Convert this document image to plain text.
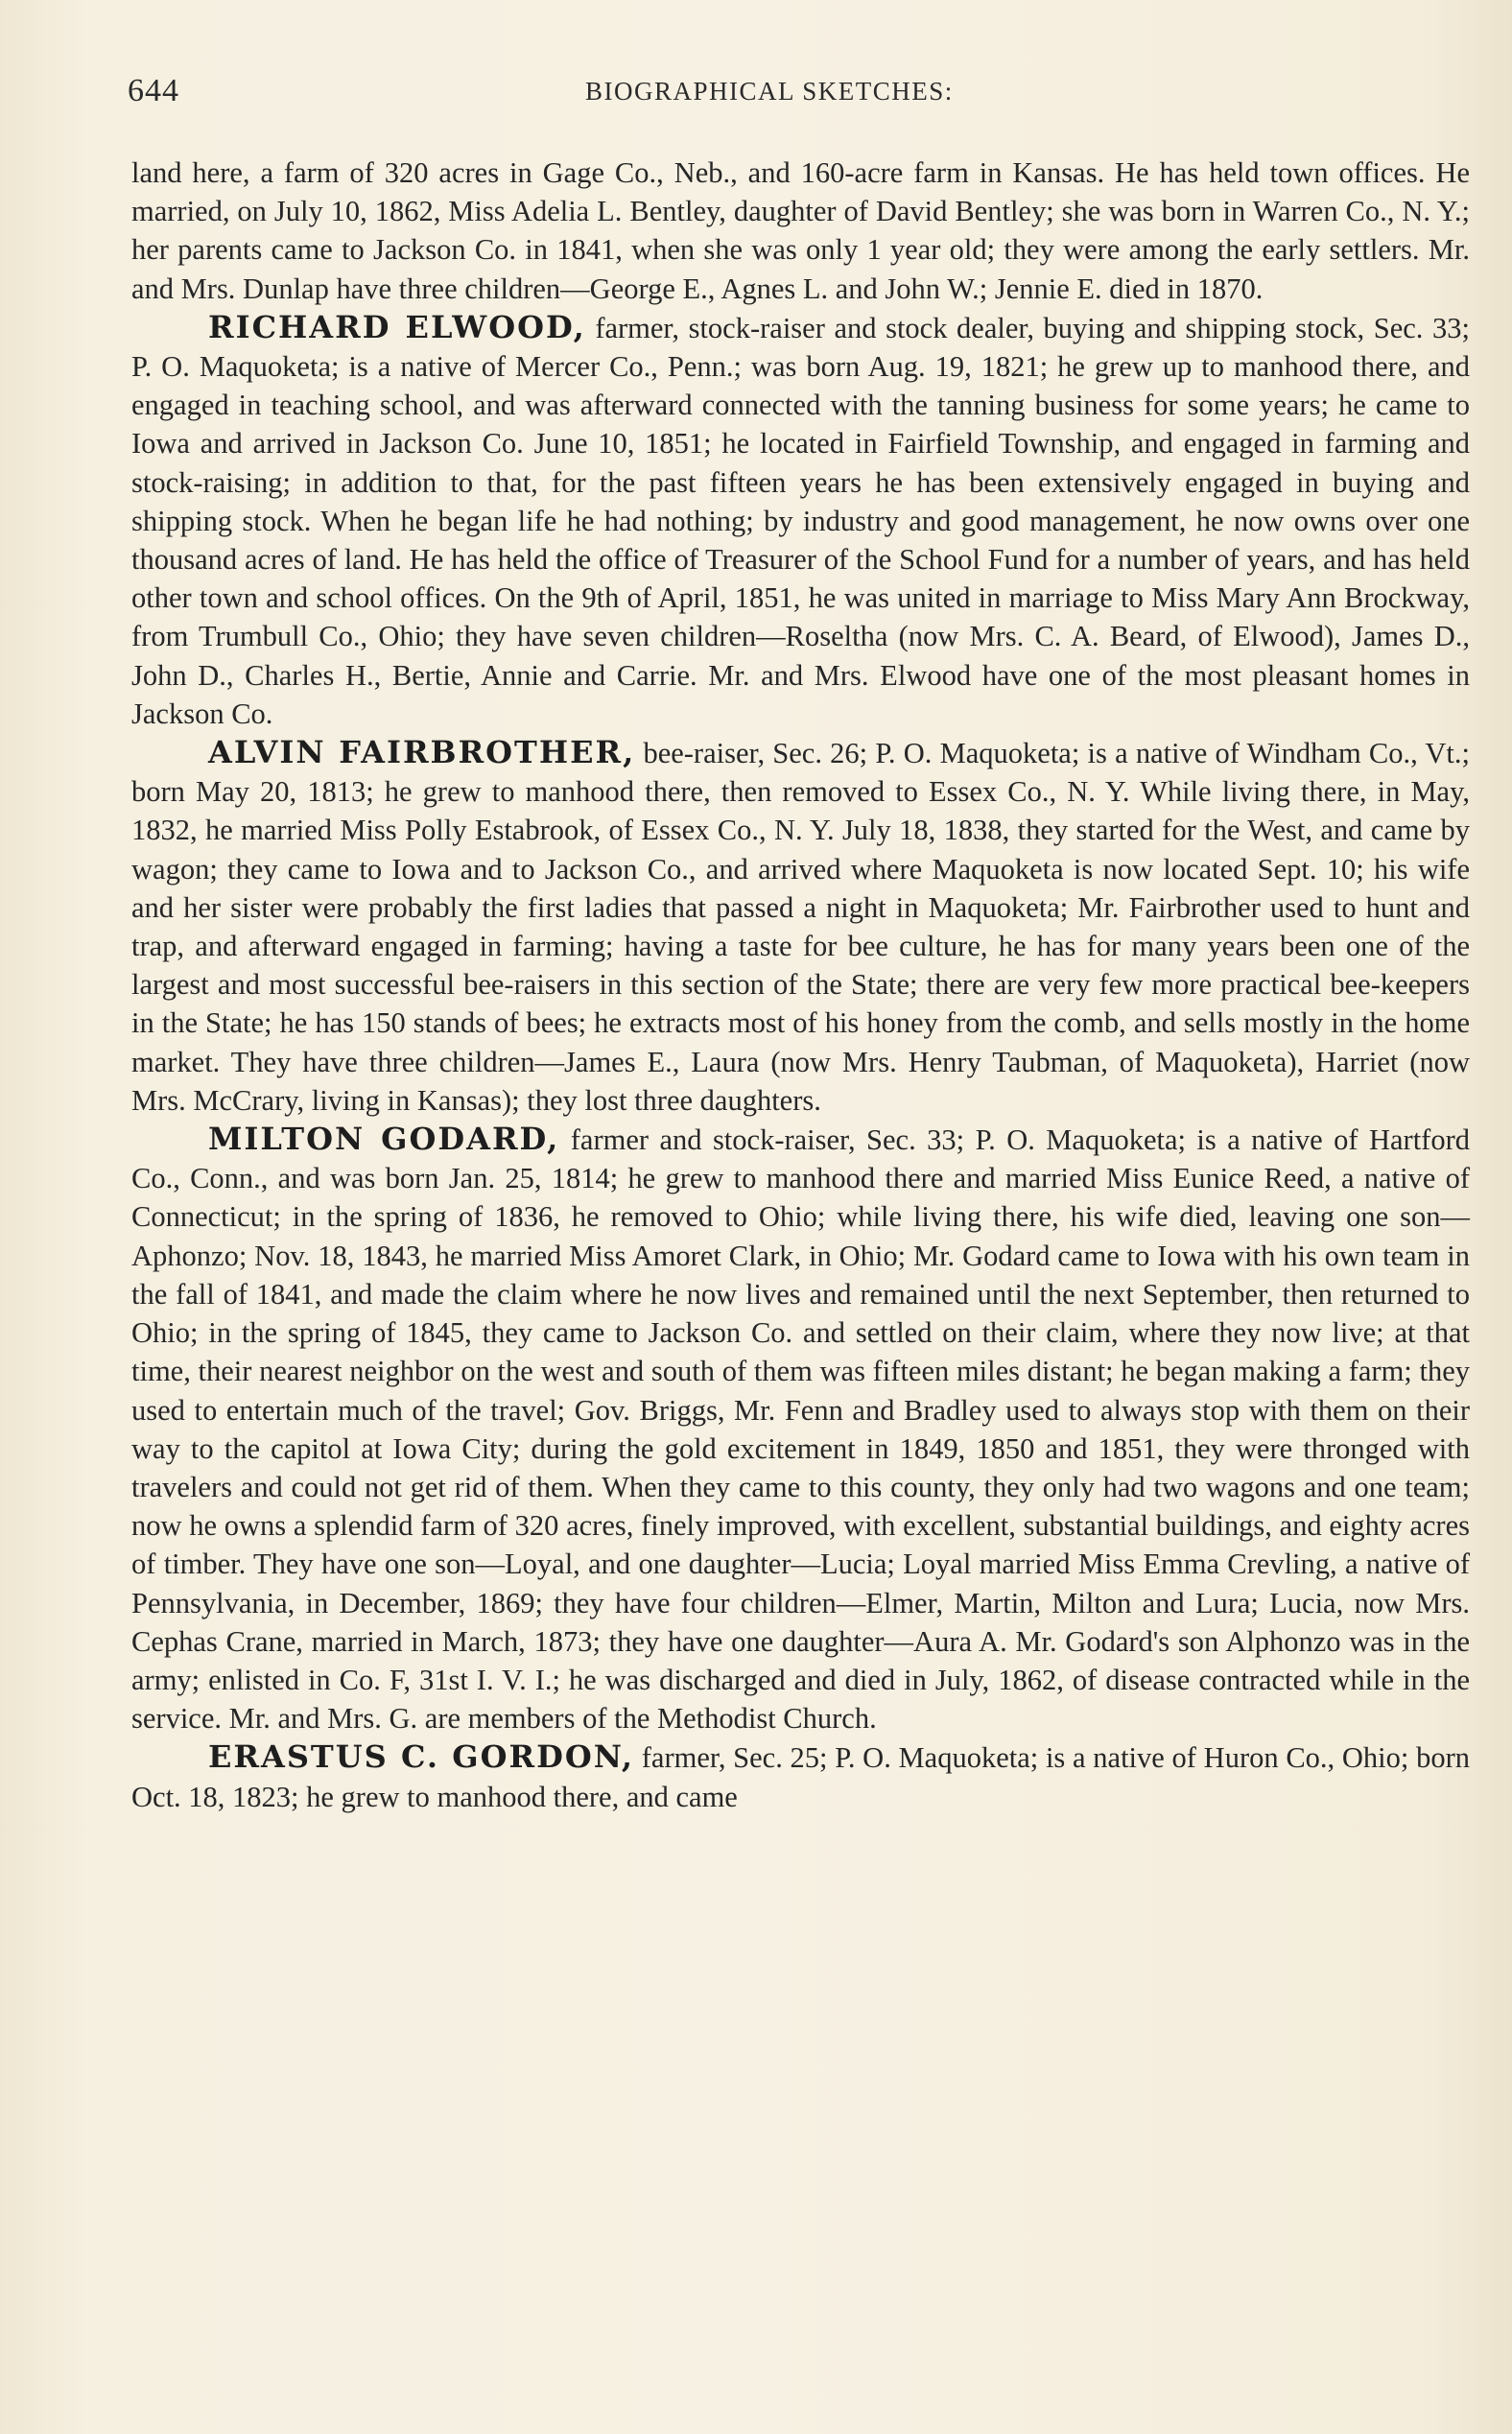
644	BIOGRAPHICAL SKETCHES:

land here, a farm of 320 acres in Gage Co., Neb., and 160-acre farm in Kansas. He has held town offices. He married, on July 10, 1862, Miss Adelia L. Bentley, daughter of David Bentley; she was born in Warren Co., N. Y.; her parents came to Jackson Co. in 1841, when she was only 1 year old; they were among the early settlers. Mr. and Mrs. Dunlap have three children—George E., Agnes L. and John W.; Jennie E. died in 1870.

RICHARD ELWOOD, farmer, stock-raiser and stock dealer, buying and shipping stock, Sec. 33; P. O. Maquoketa; is a native of Mercer Co., Penn.; was born Aug. 19, 1821; he grew up to manhood there, and engaged in teaching school, and was afterward connected with the tanning business for some years; he came to Iowa and arrived in Jackson Co. June 10, 1851; he located in Fairfield Township, and engaged in farming and stock-raising; in addition to that, for the past fifteen years he has been extensively engaged in buying and shipping stock. When he began life he had nothing; by industry and good management, he now owns over one thousand acres of land. He has held the office of Treasurer of the School Fund for a number of years, and has held other town and school offices. On the 9th of April, 1851, he was united in marriage to Miss Mary Ann Brockway, from Trumbull Co., Ohio; they have seven children—Roseltha (now Mrs. C. A. Beard, of Elwood), James D., John D., Charles H., Bertie, Annie and Carrie. Mr. and Mrs. Elwood have one of the most pleasant homes in Jackson Co.

ALVIN FAIRBROTHER, bee-raiser, Sec. 26; P. O. Maquoketa; is a native of Windham Co., Vt.; born May 20, 1813; he grew to manhood there, then removed to Essex Co., N. Y. While living there, in May, 1832, he married Miss Polly Estabrook, of Essex Co., N. Y. July 18, 1838, they started for the West, and came by wagon; they came to Iowa and to Jackson Co., and arrived where Maquoketa is now located Sept. 10; his wife and her sister were probably the first ladies that passed a night in Maquoketa; Mr. Fairbrother used to hunt and trap, and afterward engaged in farming; having a taste for bee culture, he has for many years been one of the largest and most successful bee-raisers in this section of the State; there are very few more practical bee-keepers in the State; he has 150 stands of bees; he extracts most of his honey from the comb, and sells mostly in the home market. They have three children—James E., Laura (now Mrs. Henry Taubman, of Maquoketa), Harriet (now Mrs. McCrary, living in Kansas); they lost three daughters.

MILTON GODARD, farmer and stock-raiser, Sec. 33; P. O. Maquoketa; is a native of Hartford Co., Conn., and was born Jan. 25, 1814; he grew to manhood there and married Miss Eunice Reed, a native of Connecticut; in the spring of 1836, he removed to Ohio; while living there, his wife died, leaving one son—Aphonzo; Nov. 18, 1843, he married Miss Amoret Clark, in Ohio; Mr. Godard came to Iowa with his own team in the fall of 1841, and made the claim where he now lives and remained until the next September, then returned to Ohio; in the spring of 1845, they came to Jackson Co. and settled on their claim, where they now live; at that time, their nearest neighbor on the west and south of them was fifteen miles distant; he began making a farm; they used to entertain much of the travel; Gov. Briggs, Mr. Fenn and Bradley used to always stop with them on their way to the capitol at Iowa City; during the gold excitement in 1849, 1850 and 1851, they were thronged with travelers and could not get rid of them. When they came to this county, they only had two wagons and one team; now he owns a splendid farm of 320 acres, finely improved, with excellent, substantial buildings, and eighty acres of timber. They have one son—Loyal, and one daughter—Lucia; Loyal married Miss Emma Crevling, a native of Pennsylvania, in December, 1869; they have four children—Elmer, Martin, Milton and Lura; Lucia, now Mrs. Cephas Crane, married in March, 1873; they have one daughter—Aura A. Mr. Godard's son Alphonzo was in the army; enlisted in Co. F, 31st I. V. I.; he was discharged and died in July, 1862, of disease contracted while in the service. Mr. and Mrs. G. are members of the Methodist Church.

ERASTUS C. GORDON, farmer, Sec. 25; P. O. Maquoketa; is a native of Huron Co., Ohio; born Oct. 18, 1823; he grew to manhood there, and came
